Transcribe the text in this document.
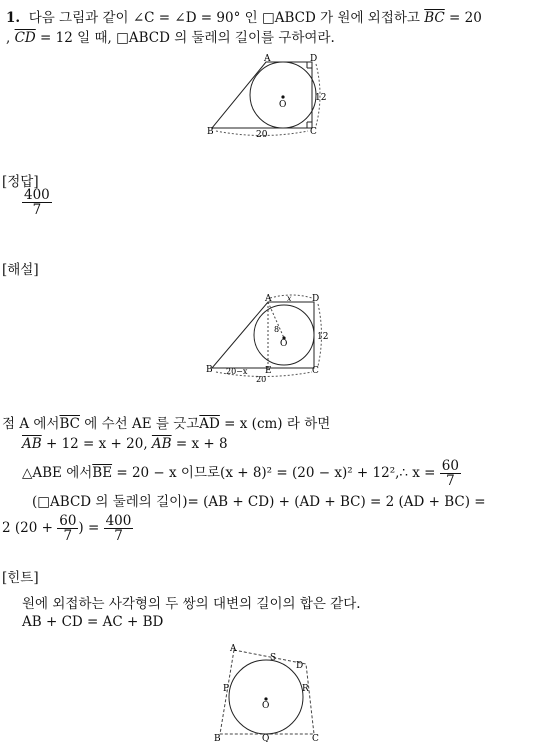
1. 다음 그림과 같이 ∠C = ∠D = 90° 인 □ABCD 가 원에 외접하고 $\overline{BC} = 20$
, $\overline{CD} = 12$ 일 때, □ABCD 의 둘레의 길이를 구하여라.
A	D
B	C
O
12
20
[정답]
$\frac{400}{7}$
[해설]
A	D
B	C
E
O
x
12
8
20−x
20
점 A 에서$\overline{BC}$ 에 수선 AE 를 긋고$\overline{AD} = x$ (cm) 라 하면
$\overline{AB} + 12 = x + 20$, $\overline{AB} = x + 8$
△ABE 에서$\overline{BE} = 20 - x$ 이므로(x + 8)² = (20 − x)² + 12²,∴ $x = \frac{60}{7}$
(□ABCD 의 둘레의 길이)= (AB + CD) + (AD + BC) = 2 (AD + BC) =
2 ($20 + \frac{60}{7}$ ) = $\frac{400}{7}$
[힌트]
원에 외접하는 사각형의 두 쌍의 대변의 길이의 합은 같다.
AB + CD = AC + BD
A
S
D
P	R
O
B	Q	C
